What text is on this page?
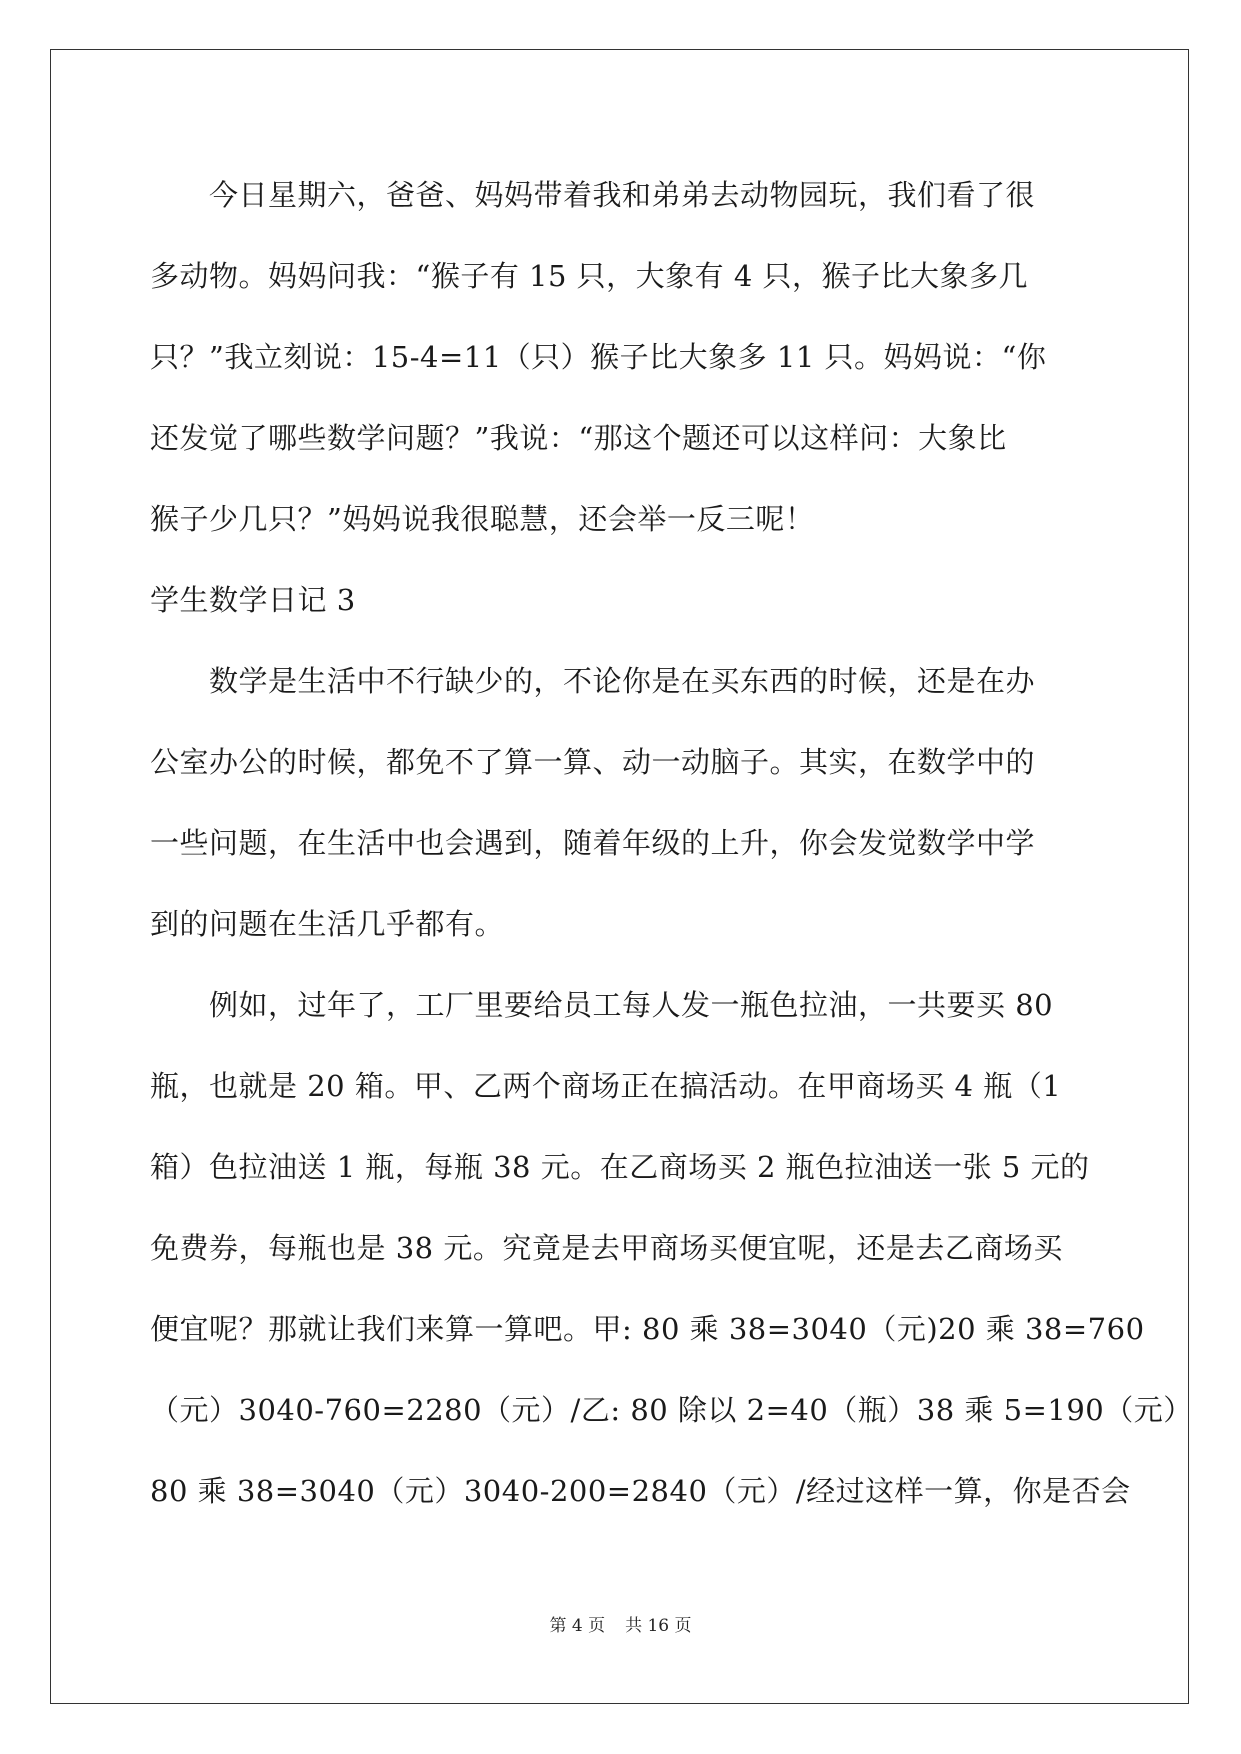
　　今日星期六，爸爸、妈妈带着我和弟弟去动物园玩，我们看了很
多动物。妈妈问我：“猴子有 15 只，大象有 4 只，猴子比大象多几
只？”我立刻说：15-4=11（只）猴子比大象多 11 只。妈妈说：“你
还发觉了哪些数学问题？”我说：“那这个题还可以这样问：大象比
猴子少几只？”妈妈说我很聪慧，还会举一反三呢！
学生数学日记 3
　　数学是生活中不行缺少的，不论你是在买东西的时候，还是在办
公室办公的时候，都免不了算一算、动一动脑子。其实，在数学中的
一些问题，在生活中也会遇到，随着年级的上升，你会发觉数学中学
到的问题在生活几乎都有。
　　例如，过年了，工厂里要给员工每人发一瓶色拉油，一共要买 80
瓶，也就是 20 箱。甲、乙两个商场正在搞活动。在甲商场买 4 瓶（1
箱）色拉油送 1 瓶，每瓶 38 元。在乙商场买 2 瓶色拉油送一张 5 元的
免费券，每瓶也是 38 元。究竟是去甲商场买便宜呢，还是去乙商场买
便宜呢？那就让我们来算一算吧。甲: 80 乘 38=3040（元)20 乘 38=760
（元）3040-760=2280（元）/乙: 80 除以 2=40（瓶）38 乘 5=190（元）
80 乘 38=3040（元）3040-200=2840（元）/经过这样一算，你是否会
第 4 页 共 16 页
